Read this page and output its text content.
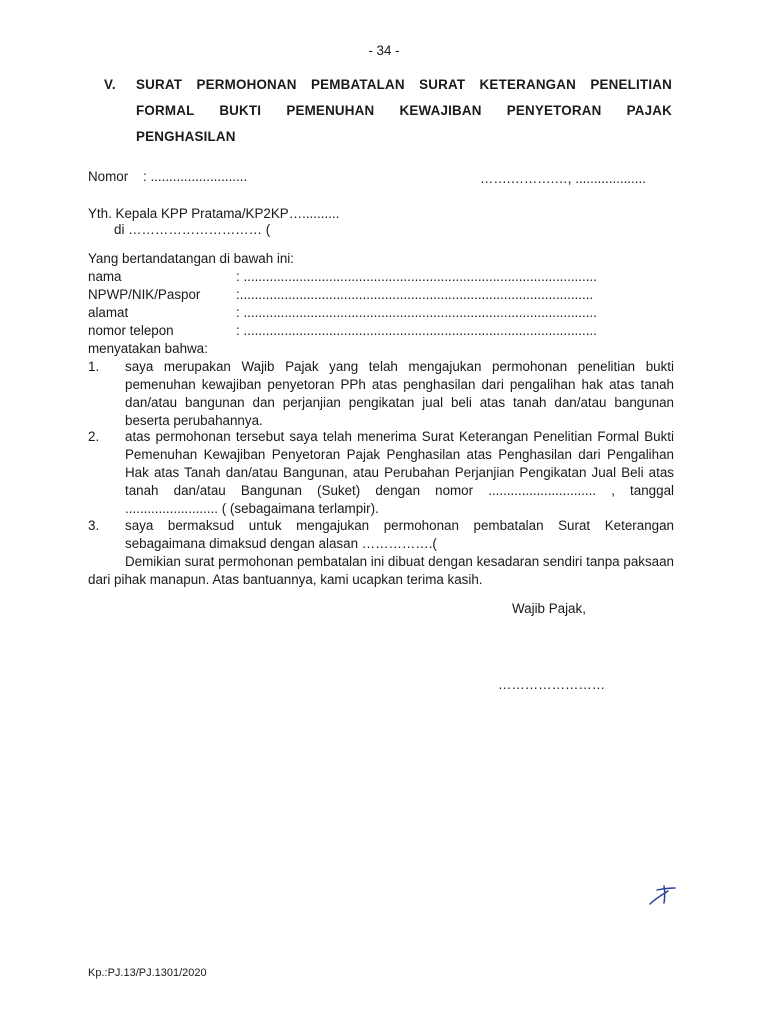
- 34 -
V. SURAT PERMOHONAN PEMBATALAN SURAT KETERANGAN PENELITIAN
FORMAL BUKTI PEMENUHAN KEWAJIBAN PENYETORAN PAJAK
PENGHASILAN
Nomor : ..........................	…….……….…, ...................
Yth. Kepala KPP Pratama/KP2KP…..........
di ………………………… (
Yang bertandatangan di bawah ini:
nama	: ...............................................................................................
NPWP/NIK/Paspor	:...............................................................................................
alamat	: ...............................................................................................
nomor telepon	: ...............................................................................................
menyatakan bahwa:
1. saya merupakan Wajib Pajak yang telah mengajukan permohonan penelitian bukti pemenuhan kewajiban penyetoran PPh atas penghasilan dari pengalihan hak atas tanah dan/atau bangunan dan perjanjian pengikatan jual beli atas tanah dan/atau bangunan beserta perubahannya.
2. atas permohonan tersebut saya telah menerima Surat Keterangan Penelitian Formal Bukti Pemenuhan Kewajiban Penyetoran Pajak Penghasilan atas Penghasilan dari Pengalihan Hak atas Tanah dan/atau Bangunan, atau Perubahan Perjanjian Pengikatan Jual Beli atas tanah dan/atau Bangunan (Suket) dengan nomor ............................. , tanggal ......................... ( (sebagaimana terlampir).
3. saya bermaksud untuk mengajukan permohonan pembatalan Surat Keterangan sebagaimana dimaksud dengan alasan …………….(
Demikian surat permohonan pembatalan ini dibuat dengan kesadaran sendiri tanpa paksaan dari pihak manapun. Atas bantuannya, kami ucapkan terima kasih.
Wajib Pajak,
……………………
Kp.:PJ.13/PJ.1301/2020
